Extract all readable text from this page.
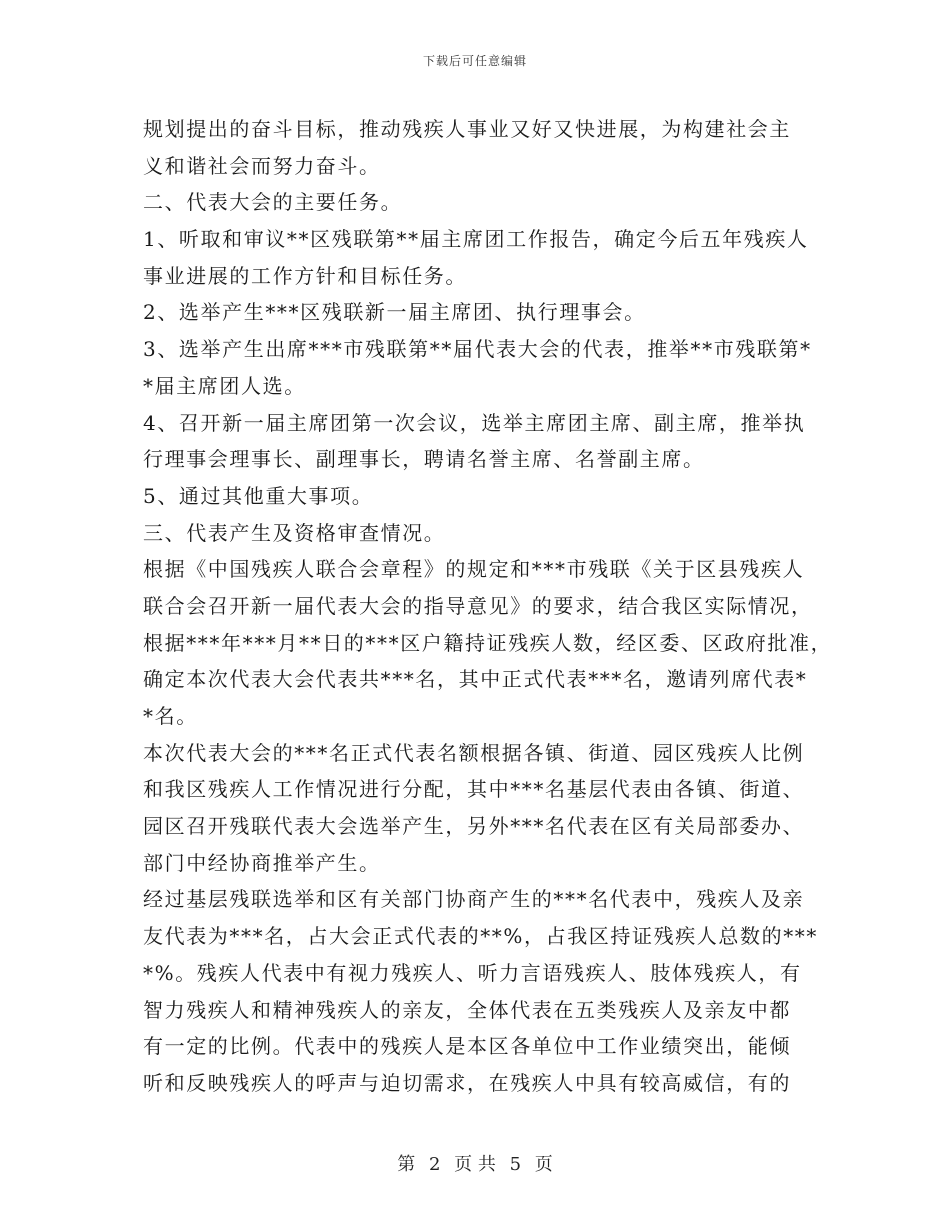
下载后可任意编辑
规划提出的奋斗目标，推动残疾人事业又好又快进展，为构建社会主
义和谐社会而努力奋斗。
二、代表大会的主要任务。
1、听取和审议**区残联第**届主席团工作报告，确定今后五年残疾人
事业进展的工作方针和目标任务。
2、选举产生***区残联新一届主席团、执行理事会。
3、选举产生出席***市残联第**届代表大会的代表，推举**市残联第*
*届主席团人选。
4、召开新一届主席团第一次会议，选举主席团主席、副主席，推举执
行理事会理事长、副理事长，聘请名誉主席、名誉副主席。
5、通过其他重大事项。
三、代表产生及资格审查情况。
根据《中国残疾人联合会章程》的规定和***市残联《关于区县残疾人
联合会召开新一届代表大会的指导意见》的要求，结合我区实际情况，
根据***年***月**日的***区户籍持证残疾人数，经区委、区政府批准，
确定本次代表大会代表共***名，其中正式代表***名，邀请列席代表*
*名。
本次代表大会的***名正式代表名额根据各镇、街道、园区残疾人比例
和我区残疾人工作情况进行分配，其中***名基层代表由各镇、街道、
园区召开残联代表大会选举产生，另外***名代表在区有关局部委办、
部门中经协商推举产生。
经过基层残联选举和区有关部门协商产生的***名代表中，残疾人及亲
友代表为***名，占大会正式代表的**%，占我区持证残疾人总数的***
*%。残疾人代表中有视力残疾人、听力言语残疾人、肢体残疾人，有
智力残疾人和精神残疾人的亲友，全体代表在五类残疾人及亲友中都
有一定的比例。代表中的残疾人是本区各单位中工作业绩突出，能倾
听和反映残疾人的呼声与迫切需求，在残疾人中具有较高威信，有的
第 2 页 共 5 页
